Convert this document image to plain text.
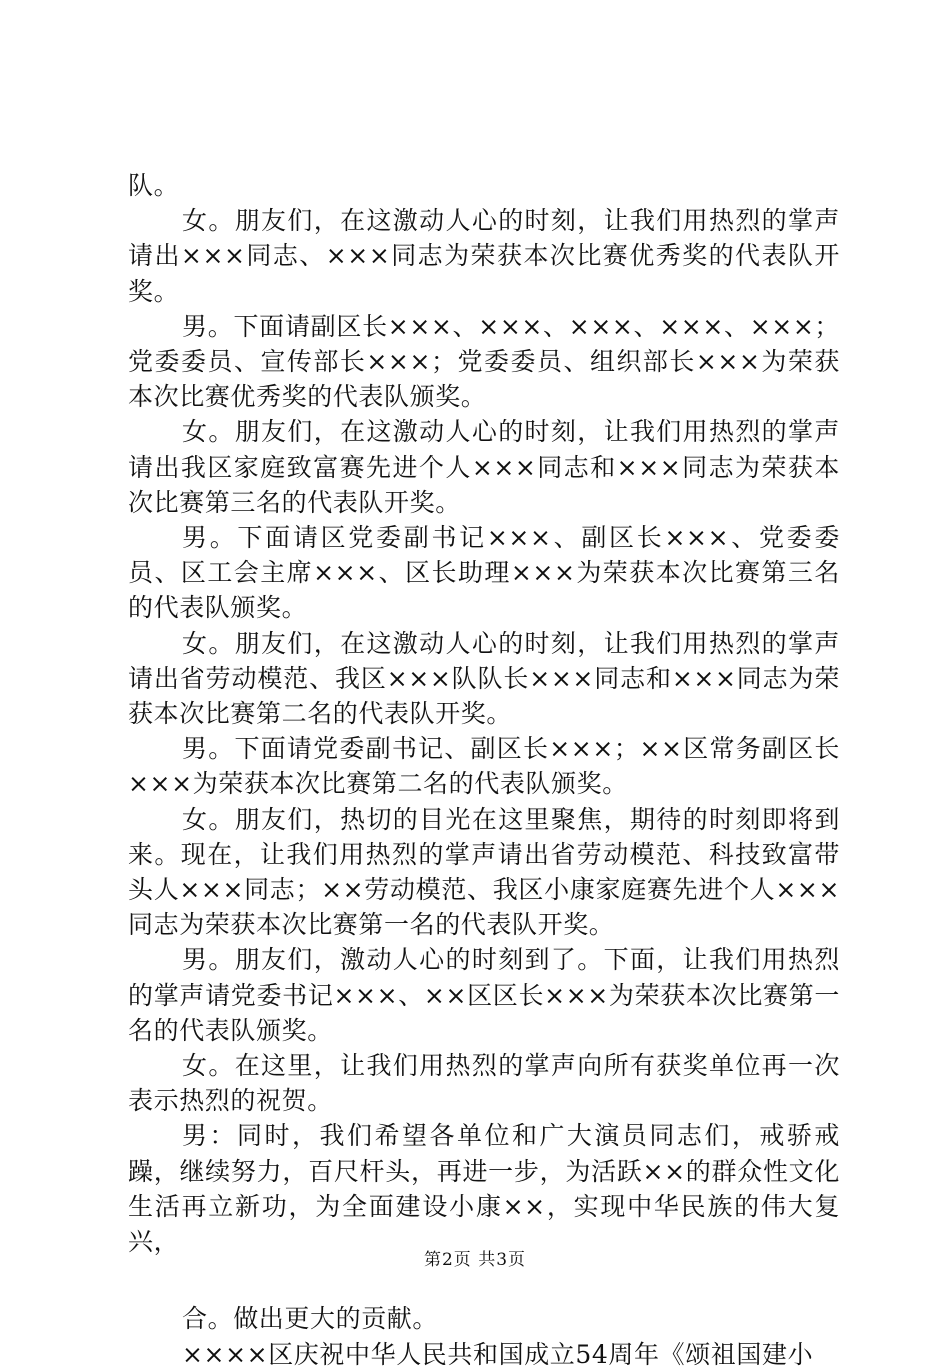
队。

女。朋友们，在这激动人心的时刻，让我们用热烈的掌声请出×××同志、×××同志为荣获本次比赛优秀奖的代表队开奖。

男。下面请副区长×××、×××、×××、×××、×××；党委委员、宣传部长×××；党委委员、组织部长×××为荣获本次比赛优秀奖的代表队颁奖。

女。朋友们，在这激动人心的时刻，让我们用热烈的掌声请出我区家庭致富赛先进个人×××同志和×××同志为荣获本次比赛第三名的代表队开奖。

男。下面请区党委副书记×××、副区长×××、党委委员、区工会主席×××、区长助理×××为荣获本次比赛第三名的代表队颁奖。

女。朋友们，在这激动人心的时刻，让我们用热烈的掌声请出省劳动模范、我区×××队队长×××同志和×××同志为荣获本次比赛第二名的代表队开奖。

男。下面请党委副书记、副区长×××；××区常务副区长×××为荣获本次比赛第二名的代表队颁奖。

女。朋友们，热切的目光在这里聚焦，期待的时刻即将到来。现在，让我们用热烈的掌声请出省劳动模范、科技致富带头人×××同志；××劳动模范、我区小康家庭赛先进个人×××同志为荣获本次比赛第一名的代表队开奖。

男。朋友们，激动人心的时刻到了。下面，让我们用热烈的掌声请党委书记×××、××区区长×××为荣获本次比赛第一名的代表队颁奖。

女。在这里，让我们用热烈的掌声向所有获奖单位再一次表示热烈的祝贺。

男：同时，我们希望各单位和广大演员同志们，戒骄戒躁，继续努力，百尺杆头，再进一步，为活跃××的群众性文化生活再立新功，为全面建设小康××，实现中华民族的伟大复兴，

合。做出更大的贡献。

××××区庆祝中华人民共和国成立54周年《颂祖国建小

第2页 共3页
